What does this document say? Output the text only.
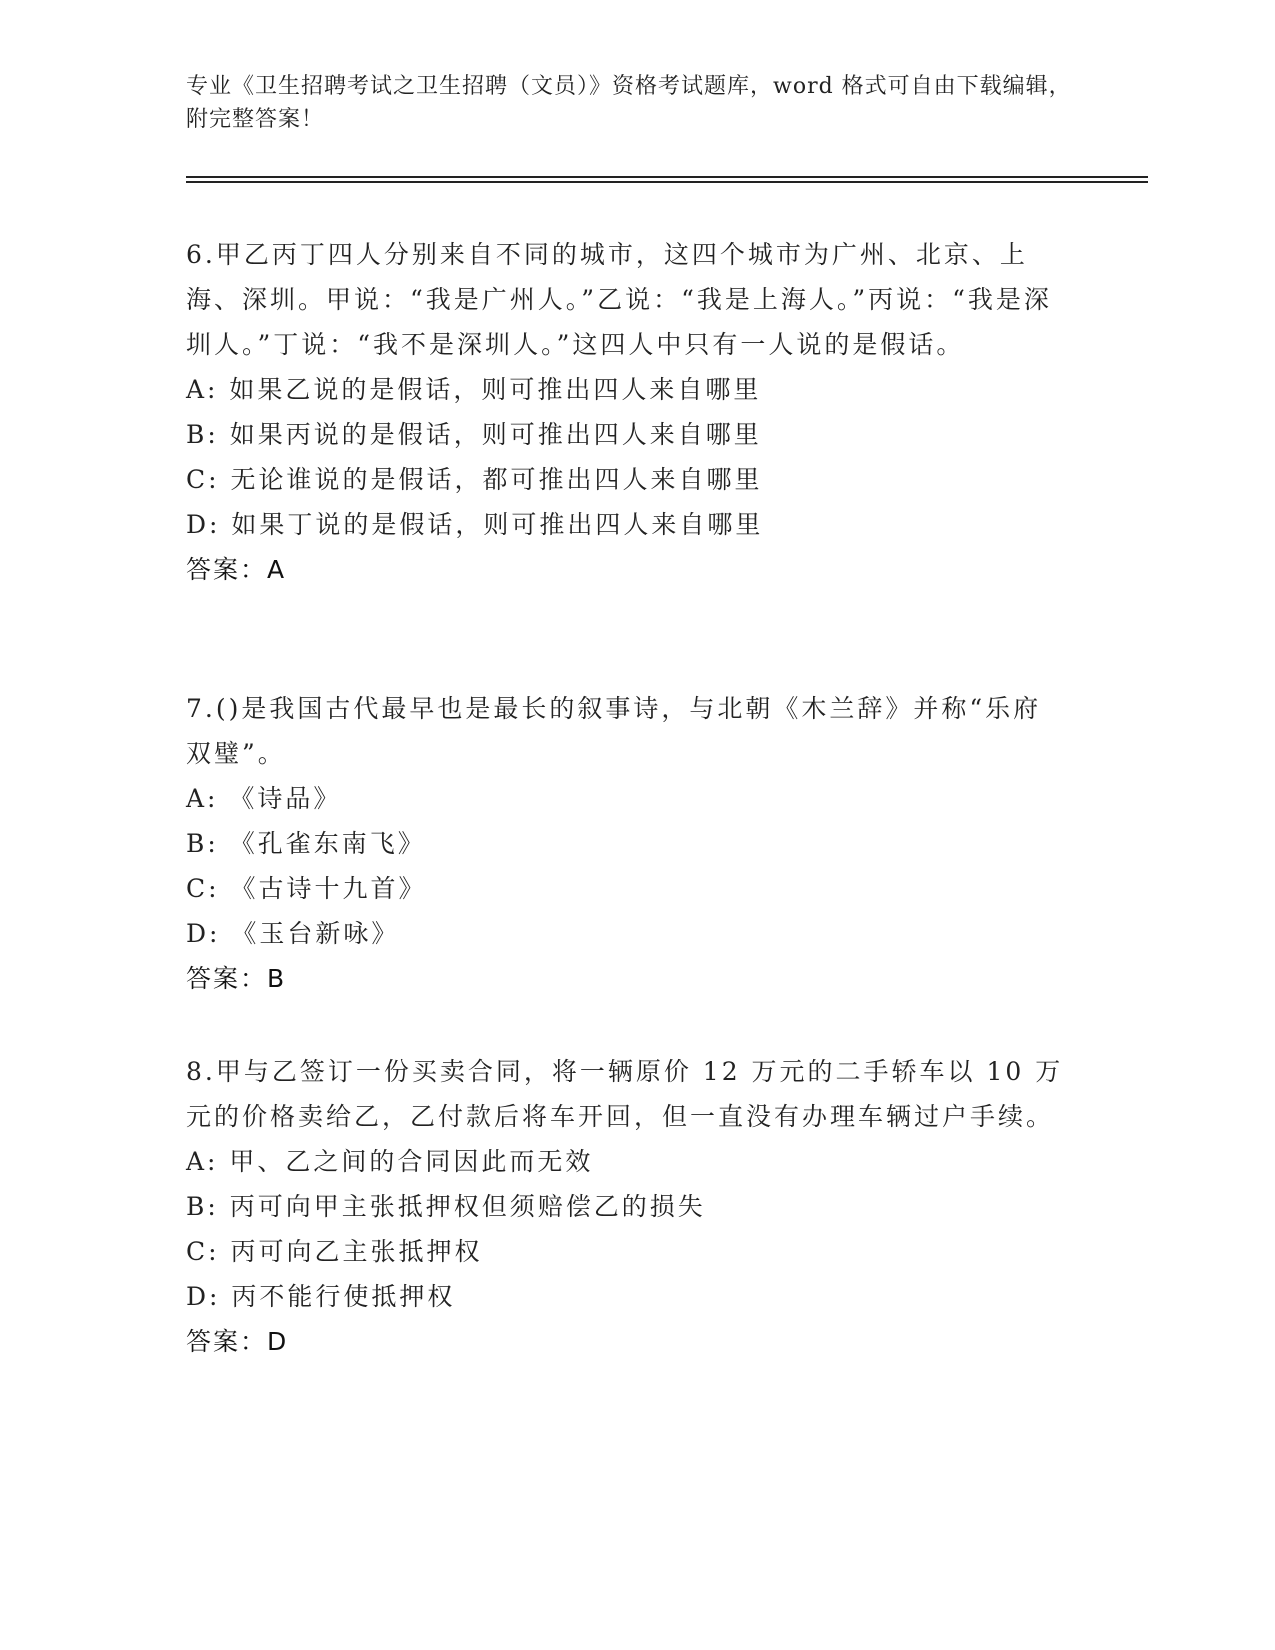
专业《卫生招聘考试之卫生招聘（文员）》资格考试题库，word 格式可自由下载编辑，附完整答案！

6.甲乙丙丁四人分别来自不同的城市，这四个城市为广州、北京、上海、深圳。甲说：“我是广州人。”乙说：“我是上海人。”丙说：“我是深圳人。”丁说：“我不是深圳人。”这四人中只有一人说的是假话。

A: 如果乙说的是假话，则可推出四人来自哪里

B: 如果丙说的是假话，则可推出四人来自哪里

C: 无论谁说的是假话，都可推出四人来自哪里

D: 如果丁说的是假话，则可推出四人来自哪里

答案：A

7.()是我国古代最早也是最长的叙事诗，与北朝《木兰辞》并称“乐府双璧”。

A: 《诗品》

B: 《孔雀东南飞》

C: 《古诗十九首》

D: 《玉台新咏》

答案：B

8.甲与乙签订一份买卖合同，将一辆原价 12 万元的二手轿车以 10 万元的价格卖给乙，乙付款后将车开回，但一直没有办理车辆过户手续。

A: 甲、乙之间的合同因此而无效

B: 丙可向甲主张抵押权但须赔偿乙的损失

C: 丙可向乙主张抵押权

D: 丙不能行使抵押权

答案：D
